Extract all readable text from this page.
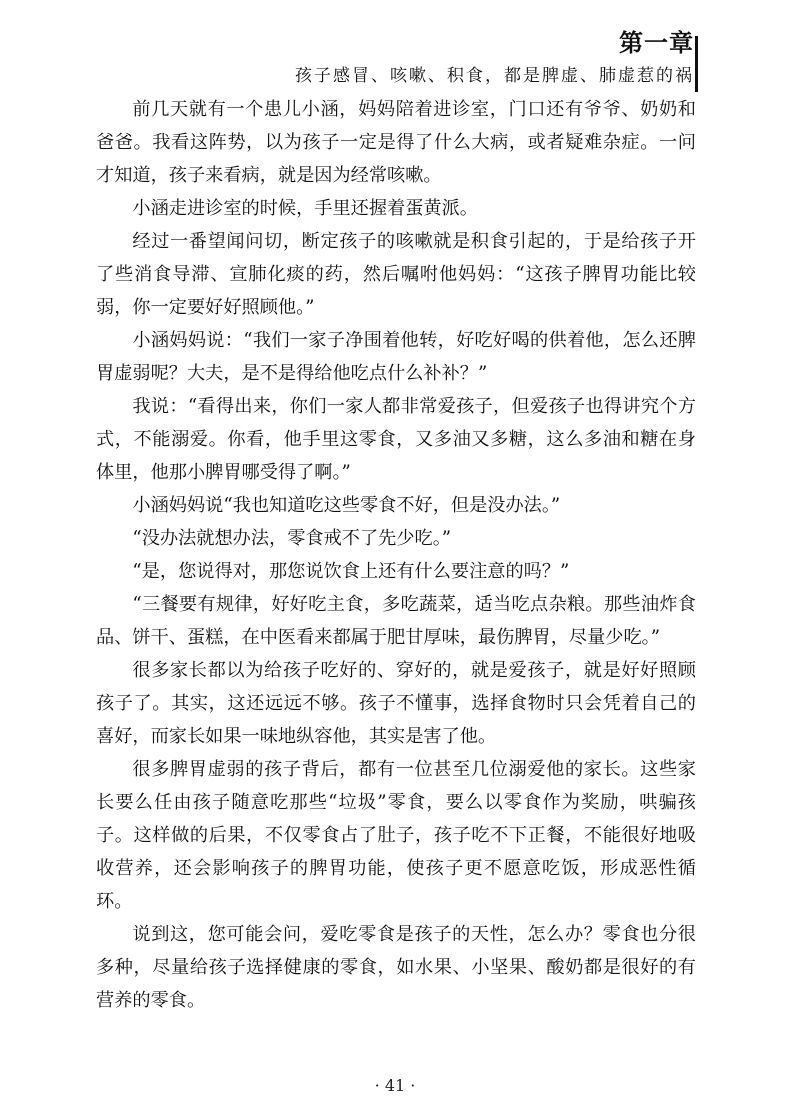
第一章
孩子感冒、咳嗽、积食，都是脾虚、肺虚惹的祸

前几天就有一个患儿小涵，妈妈陪着进诊室，门口还有爷爷、奶奶和爸爸。我看这阵势，以为孩子一定是得了什么大病，或者疑难杂症。一问才知道，孩子来看病，就是因为经常咳嗽。

小涵走进诊室的时候，手里还握着蛋黄派。

经过一番望闻问切，断定孩子的咳嗽就是积食引起的，于是给孩子开了些消食导滞、宣肺化痰的药，然后嘱咐他妈妈：“这孩子脾胃功能比较弱，你一定要好好照顾他。”

小涵妈妈说：“我们一家子净围着他转，好吃好喝的供着他，怎么还脾胃虚弱呢？大夫，是不是得给他吃点什么补补？”

我说：“看得出来，你们一家人都非常爱孩子，但爱孩子也得讲究个方式，不能溺爱。你看，他手里这零食，又多油又多糖，这么多油和糖在身体里，他那小脾胃哪受得了啊。”

小涵妈妈说“我也知道吃这些零食不好，但是没办法。”

“没办法就想办法，零食戒不了先少吃。”

“是，您说得对，那您说饮食上还有什么要注意的吗？”

“三餐要有规律，好好吃主食，多吃蔬菜，适当吃点杂粮。那些油炸食品、饼干、蛋糕，在中医看来都属于肥甘厚味，最伤脾胃，尽量少吃。”

很多家长都以为给孩子吃好的、穿好的，就是爱孩子，就是好好照顾孩子了。其实，这还远远不够。孩子不懂事，选择食物时只会凭着自己的喜好，而家长如果一味地纵容他，其实是害了他。

很多脾胃虚弱的孩子背后，都有一位甚至几位溺爱他的家长。这些家长要么任由孩子随意吃那些“垃圾”零食，要么以零食作为奖励，哄骗孩子。这样做的后果，不仅零食占了肚子，孩子吃不下正餐，不能很好地吸收营养，还会影响孩子的脾胃功能，使孩子更不愿意吃饭，形成恶性循环。

说到这，您可能会问，爱吃零食是孩子的天性，怎么办？零食也分很多种，尽量给孩子选择健康的零食，如水果、小坚果、酸奶都是很好的有营养的零食。

· 41 ·
